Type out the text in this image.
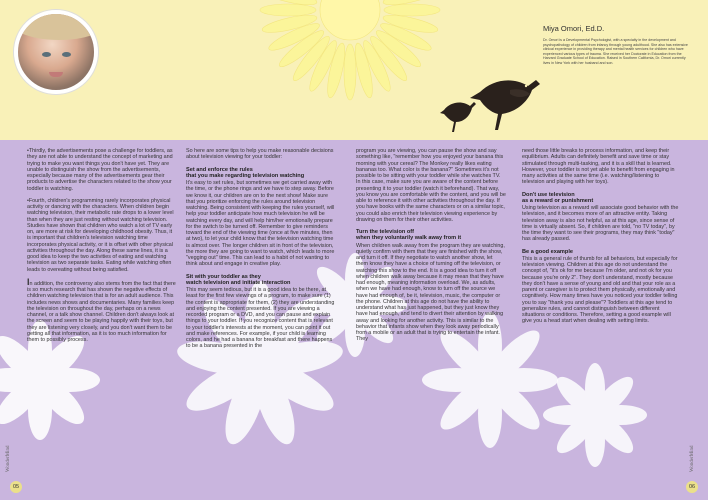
Miya Omori, Ed.D.
Dr. Omori is a Developmental Psychologist, with a specialty in the development and psychopathology of children from infancy through young adulthood. She also has extensive clinical experience in providing therapy and mental health services for children who have experienced various types of trauma. She received her Doctorate in Education from the Harvard Graduate School of Education. Raised in Southern California, Dr. Omori currently lives in New York with her husband and son.

•Thirdly, the advertisements pose a challenge for toddlers, as they are not able to understand the concept of marketing and trying to make you want things you don't have yet. They are unable to distinguish the show from the advertisements, especially because many of the advertisements gear their products to advertise the characters related to the show your toddler is watching.

•Fourth, children's programming rarely incorporates physical activity or dancing with the characters. When children begin watching television, their metabolic rate drops to a lower level than when they are just resting without watching television. Studies have shown that children who watch a lot of TV early on, are more at risk for developing childhood obesity. Thus, it is important that children's television watching time incorporates physical activity, or it is offset with other physical activities throughout the day. Along these same lines, it is a good idea to keep the two activities of eating and watching television as two separate tasks. Eating while watching often leads to overeating without being satisfied.

In addition, the controversy also stems from the fact that there is so much research that has shown the negative effects of children watching television that is for an adult audience. This includes news shows and documentaries. Many families keep the television on throughout the day, perhaps on a news channel, or a talk show channel. Children don't always look at the screen and seem to be playing happily with their toys, but they are listening very closely, and you don't want them to be getting all that information, as it is too much information for them to possibly process.

So here are some tips to help you make reasonable decisions about television viewing for your toddler:

Set and enforce the rules
that you make regarding television watching

It's easy to set rules, but sometimes we get carried away with the time, or the phone rings and we have to step away. Before we know it, our children are on to the next show! Make sure that you prioritize enforcing the rules around television watching. Being consistent with keeping the rules yourself, will help your toddler anticipate how much television he will be watching every day, and will help him/her emotionally prepare for the switch to be turned off. Remember to give reminders toward the end of the viewing time (once at five minutes, then at two), to let your child know that the television watching time is almost over. The longer children sit in front of the television, the more they are going to want to watch, which leads to more "vegging out" time. This can lead to a habit of not wanting to think about and engage in creative play.

Sit with your toddler as they
watch television and initiate interaction

This may seem tedious, but it is a good idea to be there, at least for the first few viewings of a program, to make sure (1) the content is appropriate for them, (2) they are understanding and enjoying the content presented. If you are viewing a recorded program or a DVD, and you can pause and explain things to your toddler. If you recognize content that is relevant to your toddler's interests at the moment, you can point it out and make references. For example, if your child is learning colors, and he had a banana for breakfast and there happens to be a banana presented in the

program you are viewing, you can pause the show and say something like, "remember how you enjoyed your banana this morning with your cereal? The Monkey really likes eating bananas too. What color is the banana?" Sometimes it's not possible to be sitting with your toddler while she watches TV. In this case, make sure you are aware of the content before presenting it to your toddler (watch it beforehand). That way, you know you are comfortable with the content, and you will be able to reference it with other activities throughout the day. If you have books with the same characters or on a similar topic, you could also enrich their television viewing experience by drawing on them for their other activities.

Turn the television off
when they voluntarily walk away from it

When children walk away from the program they are watching, quietly confirm with them that they are finished with the show, and turn it off. If they negotiate to watch another show, let them know they have a choice of turning off the television, or watching this show to the end. It is a good idea to turn it off when children walk away because it may mean that they have had enough, meaning information overload. We, as adults, when we have had enough, know to turn off the source we have had enough of, be it, television, music, the computer or the phone. Children at this age do not have the ability to understand what has just happened, but they just know they have had enough, and tend to divert their attention by walking away and looking for another activity. This is similar to the behavior that infants show when they look away periodically from a mobile or an adult that is trying to entertain the infant. They

need those little breaks to process information, and keep their equilibrium. Adults can definitely benefit and save time or stay stimulated through multi-tasking, and it is a skill that is learned. However, your toddler is not yet able to benefit from engaging in many activities at the same time (i.e. watching/listening to television and playing with her toys).

Don't use television
as a reward or punishment

Using television as a reward will associate good behavior with the television, and it becomes more of an attractive entity. Taking television away is also not helpful, as at this age, since sense of time is virtually absent. So, if children are told, "no TV today", by the time they want to see their programs, they may think "today" has already passed.

Be a good example

This is a general rule of thumb for all behaviors, but especially for television viewing. Children at this age do not understand the concept of, "it's ok for me because I'm older, and not ok for you because you're only 2". They don't understand, mostly because they don't have a sense of young and old and that your role as a parent or caregiver is to protect them physically, emotionally and cognitively. How many times have you noticed your toddler telling you to say "thank you and please"? Toddlers at this age tend to generalize rules, and cannot distinguish between different situations or conditions. Therefore, setting a good example will give you a head start when dealing with setting limits.

05	06
WonderMind	WonderMind
